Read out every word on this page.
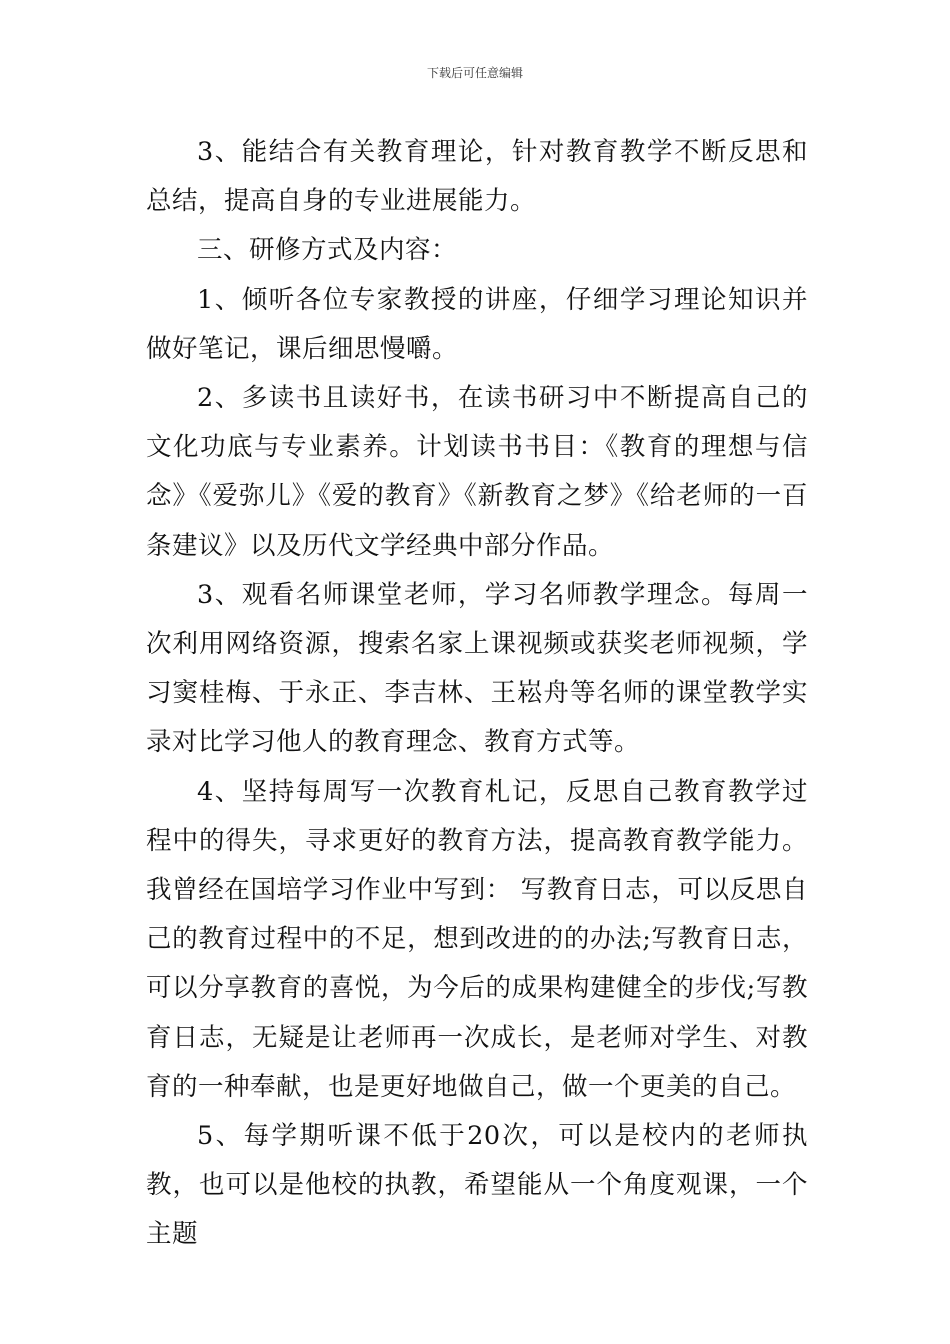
下载后可任意编辑

3、能结合有关教育理论，针对教育教学不断反思和总结，提高自身的专业进展能力。

三、研修方式及内容：

1、倾听各位专家教授的讲座，仔细学习理论知识并做好笔记，课后细思慢嚼。

2、多读书且读好书，在读书研习中不断提高自己的文化功底与专业素养。计划读书书目：《教育的理想与信念》《爱弥儿》《爱的教育》《新教育之梦》《给老师的一百条建议》以及历代文学经典中部分作品。

3、观看名师课堂老师，学习名师教学理念。每周一次利用网络资源，搜索名家上课视频或获奖老师视频，学习窦桂梅、于永正、李吉林、王崧舟等名师的课堂教学实录对比学习他人的教育理念、教育方式等。

4、坚持每周写一次教育札记，反思自己教育教学过程中的得失，寻求更好的教育方法，提高教育教学能力。我曾经在国培学习作业中写到： 写教育日志，可以反思自己的教育过程中的不足，想到改进的的办法;写教育日志，可以分享教育的喜悦，为今后的成果构建健全的步伐;写教育日志，无疑是让老师再一次成长，是老师对学生、对教育的一种奉献，也是更好地做自己，做一个更美的自己。

5、每学期听课不低于20次，可以是校内的老师执教，也可以是他校的执教，希望能从一个角度观课，一个主题
